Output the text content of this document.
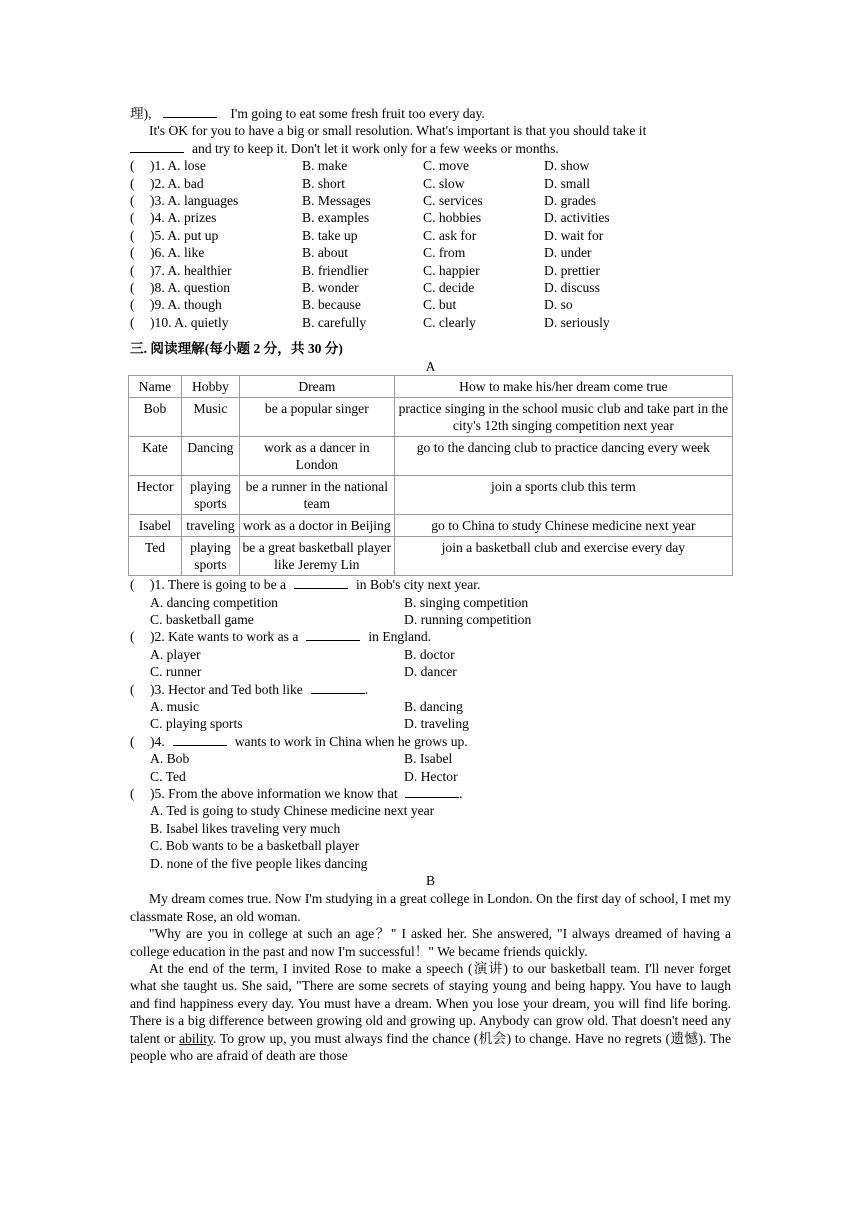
理),	I'm going to eat some fresh fruit too every day.

It's OK for you to have a big or small resolution. What's important is that you should take it

and try to keep it. Don't let it work only for a few weeks or months.

(	)1. A. lose	B. make	C. move	D. show
(	)2. A. bad	B. short	C. slow	D. small
(	)3. A. languages	B. Messages	C. services	D. grades
(	)4. A. prizes	B. examples	C. hobbies	D. activities
(	)5. A. put up	B. take up	C. ask for	D. wait for
(	)6. A. like	B. about	C. from	D. under
(	)7. A. healthier	B. friendlier	C. happier	D. prettier
(	)8. A. question	B. wonder	C. decide	D. discuss
(	)9. A. though	B. because	C. but	D. so
(	)10. A. quietly	B. carefully	C. clearly	D. seriously

三. 阅读理解(每小题 2 分，共 30 分)

A

Name	Hobby	Dream	How to make his/her dream come true
Bob	Music	be a popular singer	practice singing in the school music club and take part in the city's 12th singing competition next year
Kate	Dancing	work as a dancer in London	go to the dancing club to practice dancing every week
Hector	playing sports	be a runner in the national team	join a sports club this term
Isabel	traveling	work as a doctor in Beijing	go to China to study Chinese medicine next year
Ted	playing sports	be a great basketball player like Jeremy Lin	join a basketball club and exercise every day
(	)1. There is going to be a	in Bob's city next year.
A. dancing competition	B. singing competition
C. basketball game	D. running competition
(	)2. Kate wants to work as a	in England.
A. player	B. doctor
C. runner	D. dancer
(	)3. Hector and Ted both like	.
A. music	B. dancing
C. playing sports	D. traveling
(	)4.	wants to work in China when he grows up.
A. Bob	B. Isabel
C. Ted	D. Hector
(	)5. From the above information we know that	.

A. Ted is going to study Chinese medicine next year

B. Isabel likes traveling very much

C. Bob wants to be a basketball player

D. none of the five people likes dancing

B

My dream comes true. Now I'm studying in a great college in London. On the first day of school, I met my classmate Rose, an old woman.

"Why are you in college at such an age？" I asked her. She answered, "I always dreamed of having a college education in the past and now I'm successful！" We became friends quickly.

At the end of the term, I invited Rose to make a speech (演讲) to our basketball team. I'll never forget what she taught us. She said, "There are some secrets of staying young and being happy. You have to laugh and find happiness every day. You must have a dream. When you lose your dream, you will find life boring. There is a big difference between growing old and growing up. Anybody can grow old. That doesn't need any talent or ability. To grow up, you must always find the chance (机会) to change. Have no regrets (遗憾). The people who are afraid of death are those
